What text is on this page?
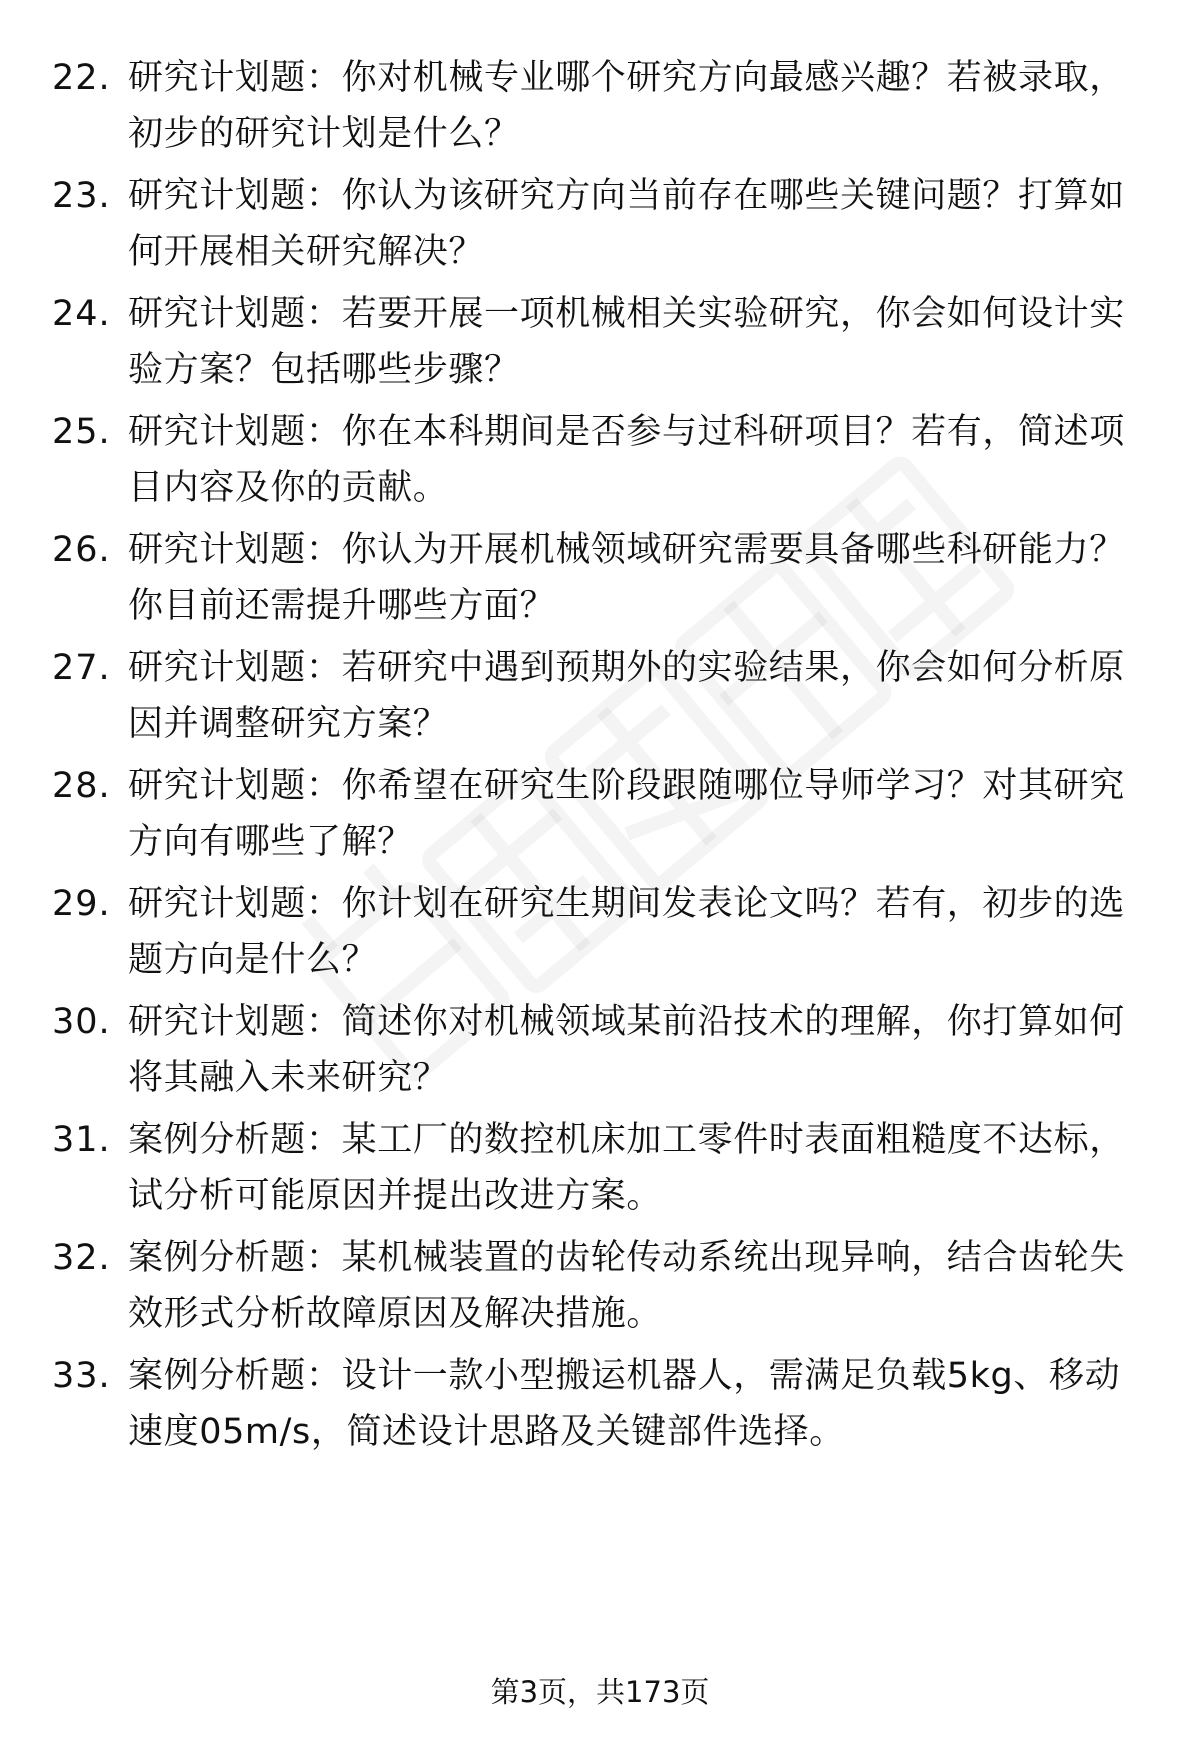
22. 研究计划题：你对机械专业哪个研究方向最感兴趣？若被录取，初步的研究计划是什么？
23. 研究计划题：你认为该研究方向当前存在哪些关键问题？打算如何开展相关研究解决？
24. 研究计划题：若要开展一项机械相关实验研究，你会如何设计实验方案？包括哪些步骤？
25. 研究计划题：你在本科期间是否参与过科研项目？若有，简述项目内容及你的贡献。
26. 研究计划题：你认为开展机械领域研究需要具备哪些科研能力？你目前还需提升哪些方面？
27. 研究计划题：若研究中遇到预期外的实验结果，你会如何分析原因并调整研究方案？
28. 研究计划题：你希望在研究生阶段跟随哪位导师学习？对其研究方向有哪些了解？
29. 研究计划题：你计划在研究生期间发表论文吗？若有，初步的选题方向是什么？
30. 研究计划题：简述你对机械领域某前沿技术的理解，你打算如何将其融入未来研究？
31. 案例分析题：某工厂的数控机床加工零件时表面粗糙度不达标，试分析可能原因并提出改进方案。
32. 案例分析题：某机械装置的齿轮传动系统出现异响，结合齿轮失效形式分析故障原因及解决措施。
33. 案例分析题：设计一款小型搬运机器人，需满足负载5kg、移动速度05m/s，简述设计思路及关键部件选择。
第3页，共173页
